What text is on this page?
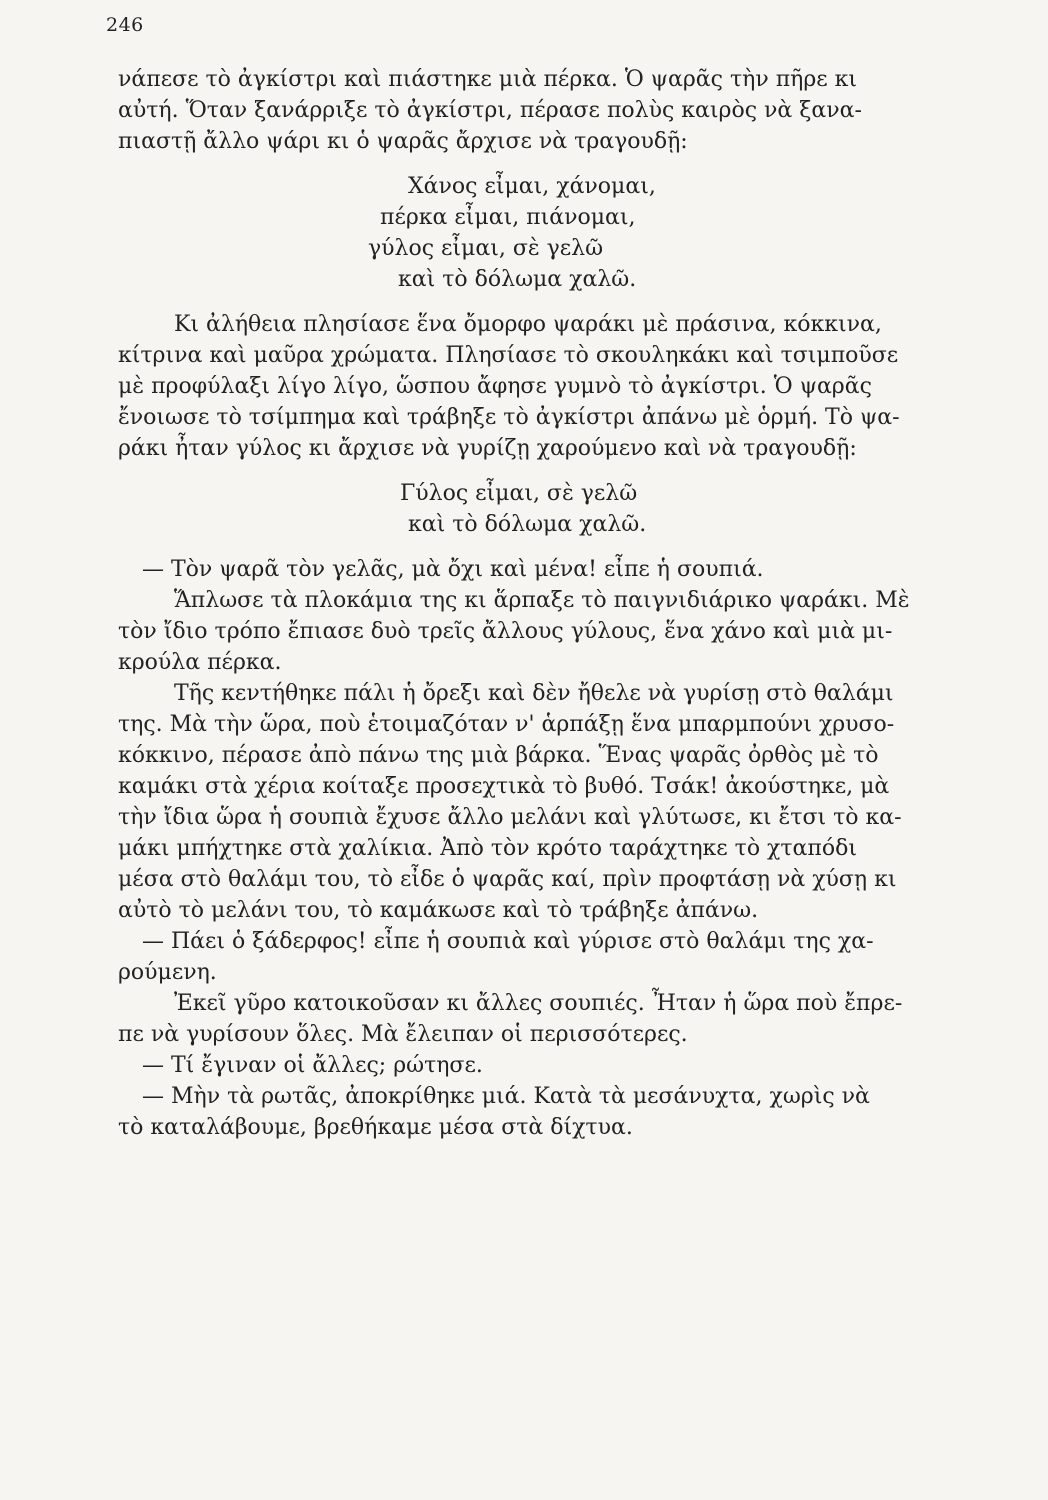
246
νάπεσε τὸ ἀγκίστρι καὶ πιάστηκε μιὰ πέρκα. Ὁ ψαρᾶς τὴν πῆρε κι
αὐτή. Ὅταν ξανάρριξε τὸ ἀγκίστρι, πέρασε πολὺς καιρὸς νὰ ξανα-
πιαστῇ ἄλλο ψάρι κι ὁ ψαρᾶς ἄρχισε νὰ τραγουδῇ:
Χάνος εἶμαι, χάνομαι,
πέρκα εἶμαι, πιάνομαι,
γύλος εἶμαι, σὲ γελῶ
καὶ τὸ δόλωμα χαλῶ.
Κι ἀλήθεια πλησίασε ἕνα ὄμορφο ψαράκι μὲ πράσινα, κόκκινα,
κίτρινα καὶ μαῦρα χρώματα. Πλησίασε τὸ σκουληκάκι καὶ τσιμποῦσε
μὲ προφύλαξι λίγο λίγο, ὥσπου ἄφησε γυμνὸ τὸ ἀγκίστρι. Ὁ ψαρᾶς
ἔνοιωσε τὸ τσίμπημα καὶ τράβηξε τὸ ἀγκίστρι ἀπάνω μὲ ὁρμή. Τὸ ψα-
ράκι ἦταν γύλος κι ἄρχισε νὰ γυρίζῃ χαρούμενο καὶ νὰ τραγουδῇ:
Γύλος εἶμαι, σὲ γελῶ
καὶ τὸ δόλωμα χαλῶ.
— Τὸν ψαρᾶ τὸν γελᾶς, μὰ ὄχι καὶ μένα! εἶπε ἡ σουπιά.
Ἅπλωσε τὰ πλοκάμια της κι ἅρπαξε τὸ παιγνιδιάρικο ψαράκι. Μὲ
τὸν ἴδιο τρόπο ἔπιασε δυὸ τρεῖς ἄλλους γύλους, ἕνα χάνο καὶ μιὰ μι-
κρούλα πέρκα.
Τῆς κεντήθηκε πάλι ἡ ὄρεξι καὶ δὲν ἤθελε νὰ γυρίσῃ στὸ θαλάμι
της. Μὰ τὴν ὥρα, ποὺ ἑτοιμαζόταν ν' ἁρπάξῃ ἕνα μπαρμπούνι χρυσο-
κόκκινο, πέρασε ἀπὸ πάνω της μιὰ βάρκα. Ἕνας ψαρᾶς ὀρθὸς μὲ τὸ
καμάκι στὰ χέρια κοίταξε προσεχτικὰ τὸ βυθό. Τσάκ! ἀκούστηκε, μὰ
τὴν ἴδια ὥρα ἡ σουπιὰ ἔχυσε ἄλλο μελάνι καὶ γλύτωσε, κι ἔτσι τὸ κα-
μάκι μπήχτηκε στὰ χαλίκια. Ἀπὸ τὸν κρότο ταράχτηκε τὸ χταπόδι
μέσα στὸ θαλάμι του, τὸ εἶδε ὁ ψαρᾶς καί, πρὶν προφτάσῃ νὰ χύσῃ κι
αὐτὸ τὸ μελάνι του, τὸ καμάκωσε καὶ τὸ τράβηξε ἀπάνω.
— Πάει ὁ ξάδερφος! εἶπε ἡ σουπιὰ καὶ γύρισε στὸ θαλάμι της χα-
ρούμενη.
Ἐκεῖ γῦρο κατοικοῦσαν κι ἄλλες σουπιές. Ἦταν ἡ ὥρα ποὺ ἔπρε-
πε νὰ γυρίσουν ὅλες. Μὰ ἔλειπαν οἱ περισσότερες.
— Τί ἔγιναν οἱ ἄλλες; ρώτησε.
— Μὴν τὰ ρωτᾶς, ἀποκρίθηκε μιά. Κατὰ τὰ μεσάνυχτα, χωρὶς νὰ
τὸ καταλάβουμε, βρεθήκαμε μέσα στὰ δίχτυα.
